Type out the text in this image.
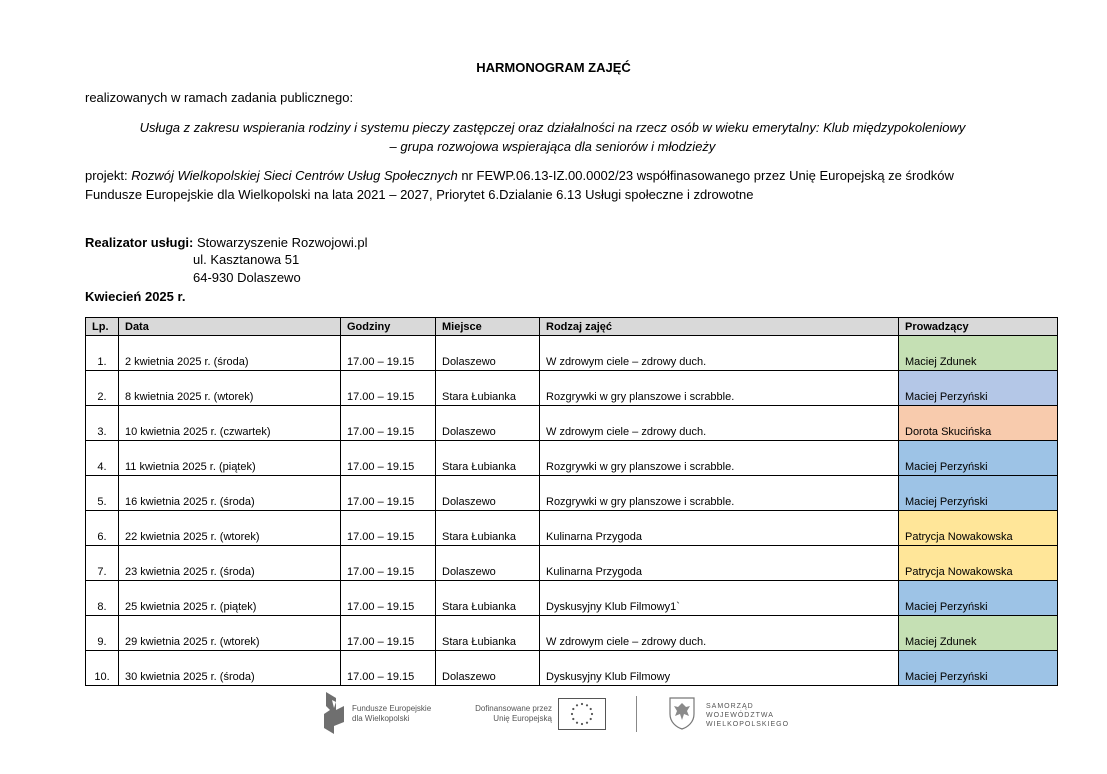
HARMONOGRAM ZAJĘĆ
realizowanych w ramach zadania publicznego:
Usługa z zakresu wspierania rodziny i systemu pieczy zastępczej oraz działalności na rzecz osób w wieku emerytalny: Klub międzypokoleniowy
– grupa rozwojowa wspierająca dla seniorów i młodzieży
projekt: Rozwój Wielkopolskiej Sieci Centrów Usług Społecznych nr FEWP.06.13-IZ.00.0002/23 współfinasowanego przez Unię Europejską ze środków
Fundusze Europejskie dla Wielkopolski na lata 2021 – 2027, Priorytet 6.Dzialanie 6.13 Usługi społeczne i zdrowotne
Realizator usługi: Stowarzyszenie Rozwojowi.pl
ul. Kasztanowa 51
64-930 Dolaszewo
Kwiecień 2025 r.
Lp.	Data	Godziny	Miejsce	Rodzaj zajęć	Prowadzący
1.	2 kwietnia 2025 r. (środa)	17.00 – 19.15	Dolaszewo	W zdrowym ciele – zdrowy duch.	Maciej Zdunek
2.	8 kwietnia 2025 r. (wtorek)	17.00 – 19.15	Stara Łubianka	Rozgrywki w gry planszowe i scrabble.	Maciej Perzyński
3.	10 kwietnia 2025 r. (czwartek)	17.00 – 19.15	Dolaszewo	W zdrowym ciele – zdrowy duch.	Dorota Skucińska
4.	11 kwietnia 2025 r. (piątek)	17.00 – 19.15	Stara Łubianka	Rozgrywki w gry planszowe i scrabble.	Maciej Perzyński
5.	16 kwietnia 2025 r. (środa)	17.00 – 19.15	Dolaszewo	Rozgrywki w gry planszowe i scrabble.	Maciej Perzyński
6.	22 kwietnia 2025 r. (wtorek)	17.00 – 19.15	Stara Łubianka	Kulinarna Przygoda	Patrycja Nowakowska
7.	23 kwietnia 2025 r. (środa)	17.00 – 19.15	Dolaszewo	Kulinarna Przygoda	Patrycja Nowakowska
8.	25 kwietnia 2025 r. (piątek)	17.00 – 19.15	Stara Łubianka	Dyskusyjny Klub Filmowy1`	Maciej Perzyński
9.	29 kwietnia 2025 r. (wtorek)	17.00 – 19.15	Stara Łubianka	W zdrowym ciele – zdrowy duch.	Maciej Zdunek
10.	30 kwietnia 2025 r. (środa)	17.00 – 19.15	Dolaszewo	Dyskusyjny Klub Filmowy	Maciej Perzyński
Fundusze Europejskie
dla Wielkopolski
Dofinansowane przez
Unię Europejską
SAMORZĄD
WOJEWÓDZTWA
WIELKOPOLSKIEGO
